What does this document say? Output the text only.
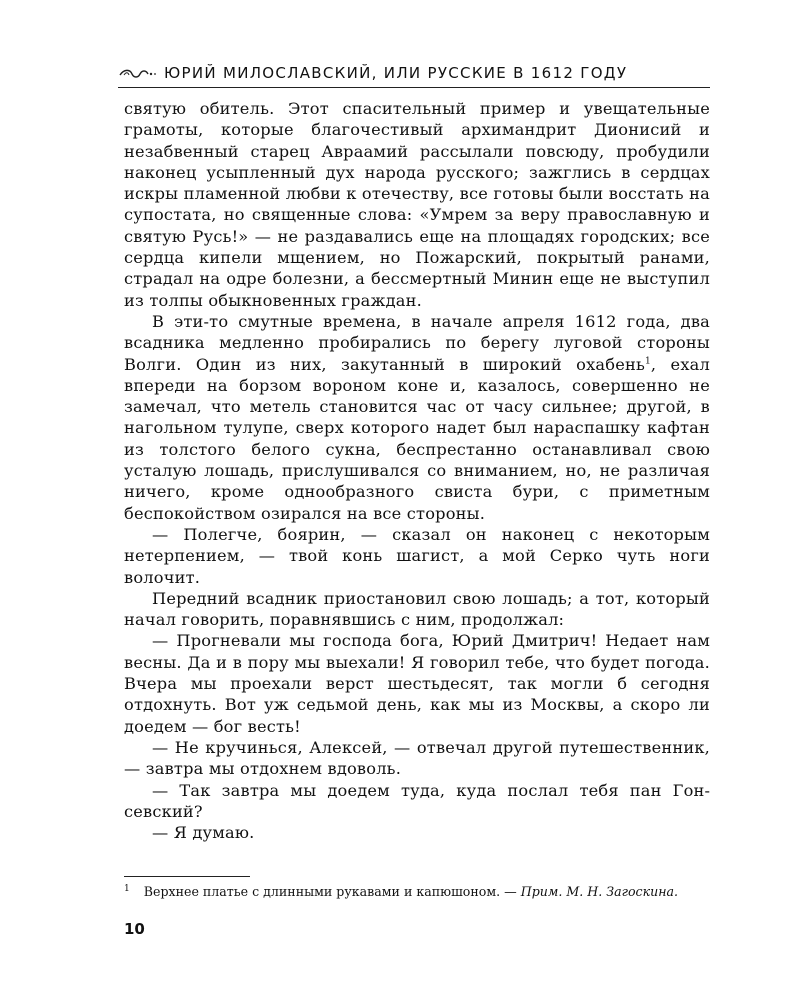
ЮРИЙ МИЛОСЛАВСКИЙ, ИЛИ РУССКИЕ В 1612 ГОДУ

святую обитель. Этот спасительный пример и увещательные грамоты, которые благочестивый архимандрит Дионисий и незабвенный старец Авраамий рассылали повсюду, пробудили наконец усыпленный дух народа русского; зажглись в сердцах искры пламенной любви к отечеству, все готовы были восстать на супостата, но священные слова: «Умрем за веру православную и святую Русь!» — не раздавались еще на площадях городских; все сердца кипели мщением, но Пожарский, покрытый ранами, страдал на одре болезни, а бессмертный Минин еще не выступил из толпы обыкновенных граждан.

В эти-то смутные времена, в начале апреля 1612 года, два всадника медленно пробирались по берегу луговой стороны Волги. Один из них, закутанный в широкий охабень$^1$, ехал впереди на борзом вороном коне и, казалось, совершенно не замечал, что метель становится час от часу сильнее; другой, в нагольном тулупе, сверх которого надет был нараспашку кафтан из толстого белого сукна, беспрестанно останавливал свою усталую лошадь, прислушивался со вниманием, но, не различая ничего, кроме однообразного свиста бури, с приметным беспокойством озирался на все стороны.

— Полегче, боярин, — сказал он наконец с некоторым нетерпением, — твой конь шагист, а мой Серко чуть ноги волочит.

Передний всадник приостановил свою лошадь; а тот, который начал говорить, поравнявшись с ним, продолжал:

— Прогневали мы господа бога, Юрий Дмитрич! Недает нам весны. Да и в пору мы выехали! Я говорил тебе, что будет погода. Вчера мы проехали верст шестьдесят, так могли б сегодня отдохнуть. Вот уж седьмой день, как мы из Москвы, а скоро ли доедем — бог весть!

— Не кручинься, Алексей, — отвечал другой путешественник, — завтра мы отдохнем вдоволь.

— Так завтра мы доедем туда, куда послал тебя пан Гонсевский?

— Я думаю.

$^1$ Верхнее платье с длинными рукавами и капюшоном. — Прим. М. Н. Загоскина.
10
